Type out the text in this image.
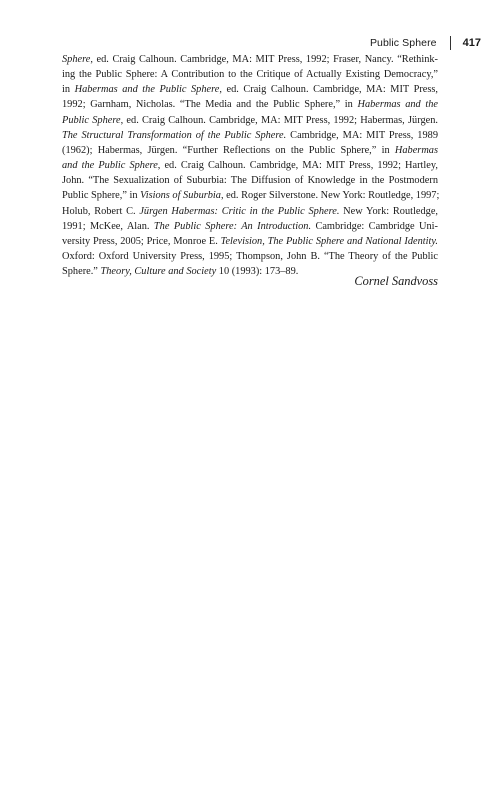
Public Sphere 417
Sphere, ed. Craig Calhoun. Cambridge, MA: MIT Press, 1992; Fraser, Nancy. “Rethink-
ing the Public Sphere: A Contribution to the Critique of Actually Existing Democracy,”
in Habermas and the Public Sphere, ed. Craig Calhoun. Cambridge, MA: MIT Press,
1992; Garnham, Nicholas. “The Media and the Public Sphere,” in Habermas and the
Public Sphere, ed. Craig Calhoun. Cambridge, MA: MIT Press, 1992; Habermas, Jürgen.
The Structural Transformation of the Public Sphere. Cambridge, MA: MIT Press, 1989
(1962); Habermas, Jürgen. “Further Reflections on the Public Sphere,” in Habermas
and the Public Sphere, ed. Craig Calhoun. Cambridge, MA: MIT Press, 1992; Hartley,
John. “The Sexualization of Suburbia: The Diffusion of Knowledge in the Postmodern
Public Sphere,” in Visions of Suburbia, ed. Roger Silverstone. New York: Routledge, 1997;
Holub, Robert C. Jürgen Habermas: Critic in the Public Sphere. New York: Routledge,
1991; McKee, Alan. The Public Sphere: An Introduction. Cambridge: Cambridge Uni-
versity Press, 2005; Price, Monroe E. Television, The Public Sphere and National Identity.
Oxford: Oxford University Press, 1995; Thompson, John B. “The Theory of the Public
Sphere.” Theory, Culture and Society 10 (1993): 173–89.
Cornel Sandvoss
